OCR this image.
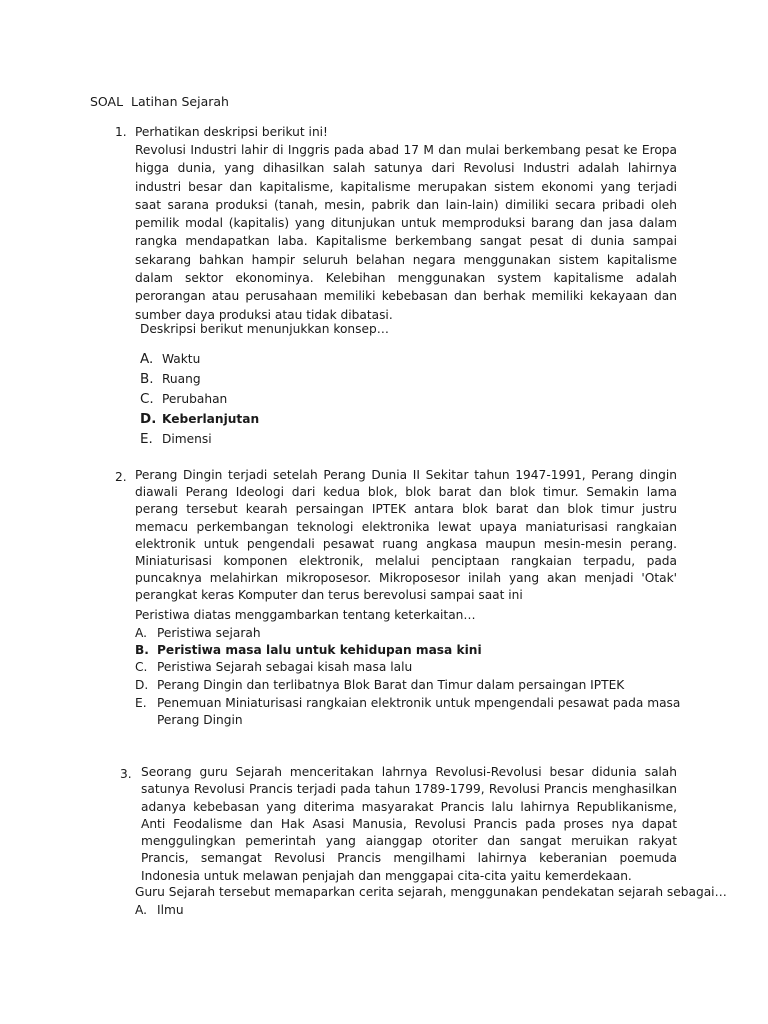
SOAL  Latihan Sejarah
1. Perhatikan deskripsi berikut ini!
Revolusi Industri lahir di Inggris pada abad 17 M dan mulai berkembang pesat ke Eropa higga dunia, yang dihasilkan salah satunya dari Revolusi Industri adalah lahirnya industri besar dan kapitalisme, kapitalisme merupakan sistem ekonomi yang terjadi saat sarana produksi (tanah, mesin, pabrik dan lain-lain) dimiliki secara pribadi oleh pemilik modal (kapitalis) yang ditunjukan untuk memproduksi barang dan jasa dalam rangka mendapatkan laba. Kapitalisme berkembang sangat pesat di dunia sampai sekarang bahkan hampir seluruh belahan negara menggunakan sistem kapitalisme dalam sektor ekonominya. Kelebihan menggunakan system kapitalisme adalah perorangan atau perusahaan memiliki kebebasan dan berhak memiliki kekayaan dan sumber daya produksi atau tidak dibatasi.
Deskripsi berikut menunjukkan konsep…
A. Waktu
B. Ruang
C. Perubahan
D. Keberlanjutan
E. Dimensi
2. Perang Dingin terjadi setelah Perang Dunia II Sekitar tahun 1947-1991, Perang dingin diawali Perang Ideologi dari kedua blok, blok barat dan blok timur. Semakin lama perang tersebut kearah persaingan IPTEK antara blok barat dan blok timur justru memacu perkembangan teknologi elektronika lewat upaya maniaturisasi rangkaian elektronik untuk pengendali pesawat ruang angkasa maupun mesin-mesin perang. Miniaturisasi komponen elektronik, melalui penciptaan rangkaian terpadu, pada puncaknya melahirkan mikroposesor. Mikroposesor inilah yang akan menjadi 'Otak' perangkat keras Komputer dan terus berevolusi sampai saat ini
Peristiwa diatas menggambarkan tentang keterkaitan…
A. Peristiwa sejarah
B. Peristiwa masa lalu untuk kehidupan masa kini
C. Peristiwa Sejarah sebagai kisah masa lalu
D. Perang Dingin dan terlibatnya Blok Barat dan Timur dalam persaingan IPTEK
E. Penemuan Miniaturisasi rangkaian elektronik untuk mpengendali pesawat pada masa
Perang Dingin
3. Seorang guru Sejarah menceritakan lahrnya Revolusi-Revolusi besar didunia salah satunya Revolusi Prancis terjadi pada tahun 1789-1799, Revolusi Prancis menghasilkan adanya kebebasan yang diterima masyarakat Prancis lalu lahirnya Republikanisme, Anti Feodalisme dan Hak Asasi Manusia, Revolusi Prancis pada proses nya dapat menggulingkan pemerintah yang aianggap otoriter dan sangat meruikan rakyat Prancis, semangat Revolusi Prancis mengilhami lahirnya keberanian poemuda Indonesia untuk melawan penjajah dan menggapai cita-cita yaitu kemerdekaan.
Guru Sejarah tersebut memaparkan cerita sejarah, menggunakan pendekatan sejarah sebagai…
A. Ilmu
